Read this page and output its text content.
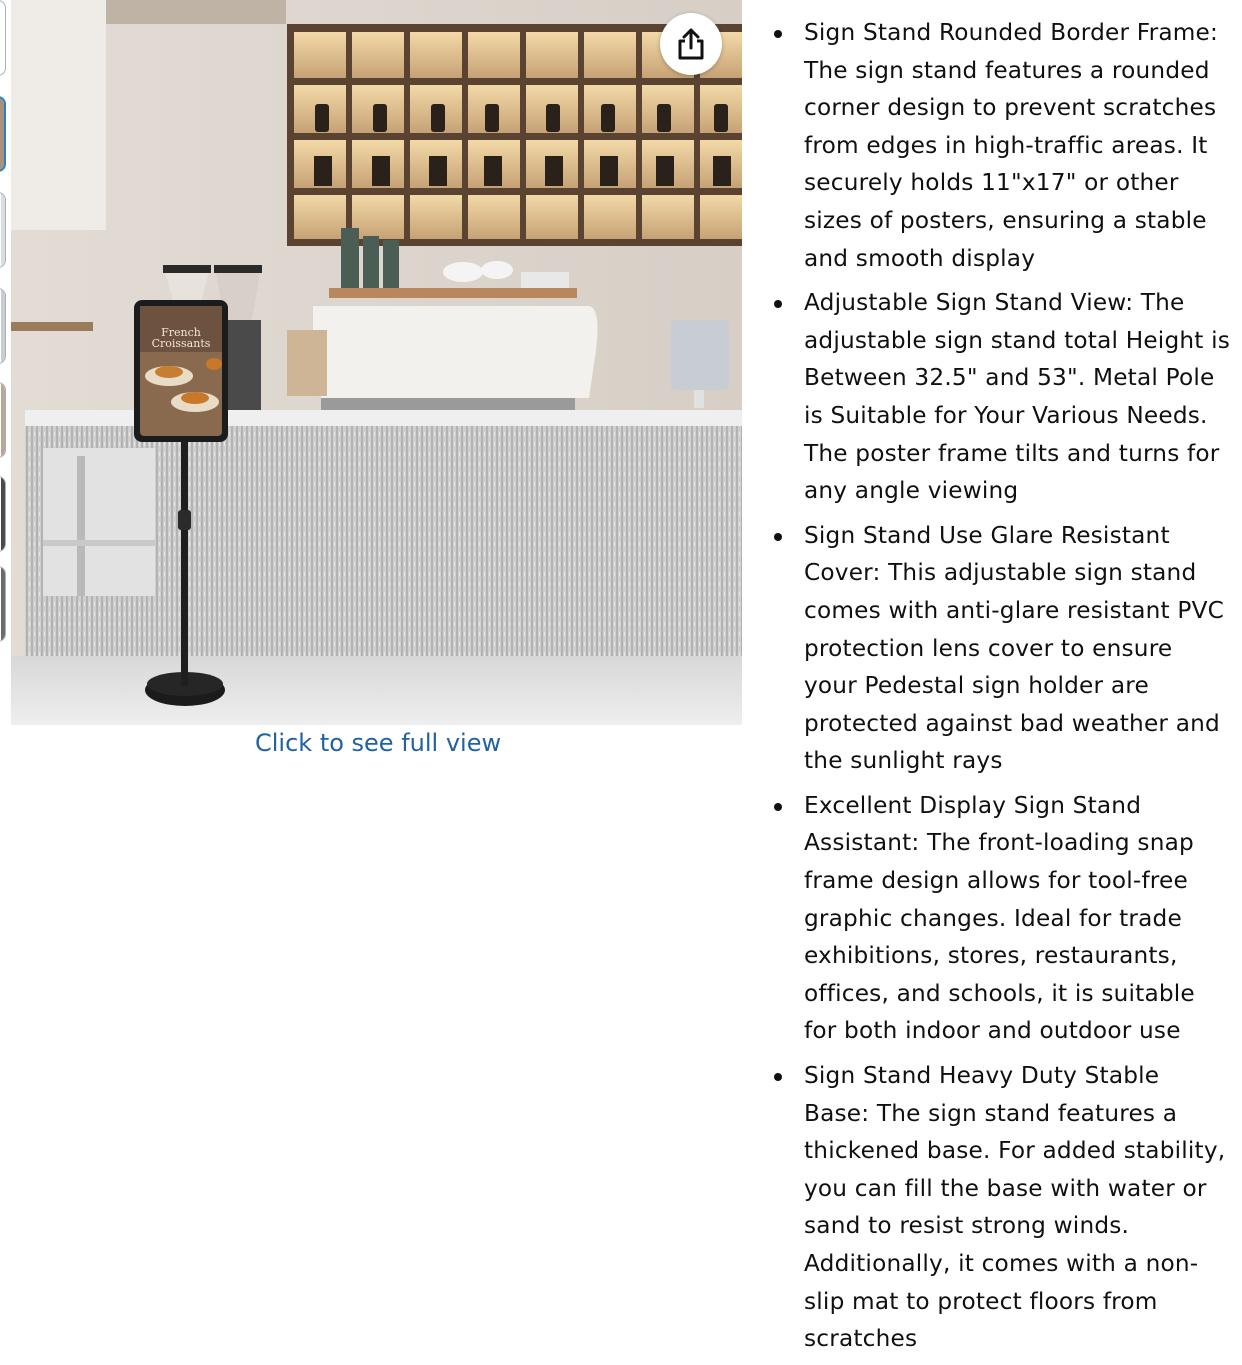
French
Croissants
Click to see full view
Sign Stand Rounded Border Frame: The sign stand features a rounded corner design to prevent scratches from edges in high-traffic areas. It securely holds 11"x17" or other sizes of posters, ensuring a stable and smooth display
Adjustable Sign Stand View: The adjustable sign stand total Height is Between 32.5" and 53". Metal Pole is Suitable for Your Various Needs. The poster frame tilts and turns for any angle viewing
Sign Stand Use Glare Resistant Cover: This adjustable sign stand comes with anti-glare resistant PVC protection lens cover to ensure your Pedestal sign holder are protected against bad weather and the sunlight rays
Excellent Display Sign Stand Assistant: The front-loading snap frame design allows for tool-free graphic changes. Ideal for trade exhibitions, stores, restaurants, offices, and schools, it is suitable for both indoor and outdoor use
Sign Stand Heavy Duty Stable Base: The sign stand features a thickened base. For added stability, you can fill the base with water or sand to resist strong winds. Additionally, it comes with a non-slip mat to protect floors from scratches
